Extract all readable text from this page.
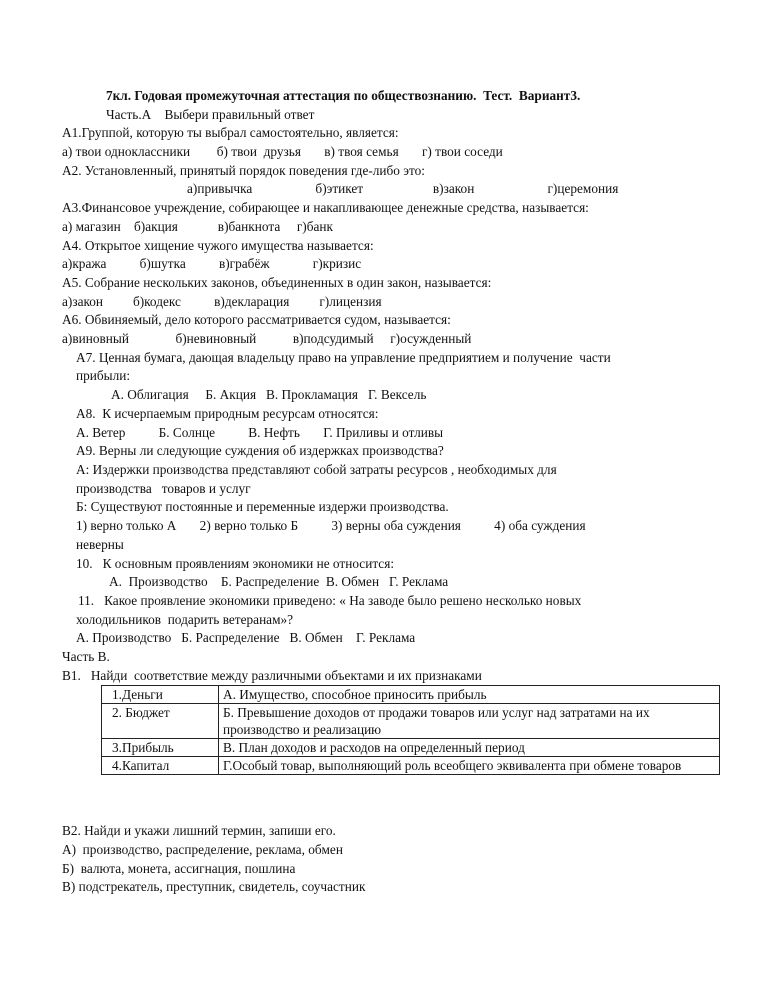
7кл. Годовая промежуточная аттестация по обществознанию.  Тест.  Вариант3.
Часть.А    Выбери правильный ответ
А1.Группой, которую ты выбрал самостоятельно, является:
а) твои одноклассники        б) твои  друзья       в) твоя семья       г) твои соседи
А2. Установленный, принятый порядок поведения где-либо это:
а)привычка                   б)этикет                     в)закон                      г)церемония
А3.Финансовое учреждение, собирающее и накапливающее денежные средства, называется:
а) магазин    б)акция            в)банкнота     г)банк
А4. Открытое хищение чужого имущества называется:
а)кража          б)шутка          в)грабёж             г)кризис
А5. Собрание нескольких законов, объединенных в один закон, называется:
а)закон         б)кодекс          в)декларация         г)лицензия
А6. Обвиняемый, дело которого рассматривается судом, называется:
а)виновный              б)невиновный           в)подсудимый     г)осужденный
А7. Ценная бумага, дающая владельцу право на управление предприятием и получение  части
прибыли:
А. Облигация     Б. Акция   В. Прокламация   Г. Вексель
А8.  К исчерпаемым природным ресурсам относятся:
А. Ветер          Б. Солнце          В. Нефть       Г. Приливы и отливы
А9. Верны ли следующие суждения об издержках производства?
А: Издержки производства представляют собой затраты ресурсов , необходимых для
производства   товаров и услуг
Б: Существуют постоянные и переменные издержи производства.
1) верно только А       2) верно только Б          3) верны оба суждения          4) оба суждения
неверны
10.   К основным проявлениям экономики не относится:
А.  Производство    Б. Распределение  В. Обмен   Г. Реклама
11.   Какое проявление экономики приведено: « На заводе было решено несколько новых
холодильников  подарить ветеранам»?
А. Производство   Б. Распределение   В. Обмен    Г. Реклама
Часть В.
В1.   Найди  соответствие между различными объектами и их признаками
1.Деньги	А. Имущество, способное приносить прибыль
2. Бюджет	Б. Превышение доходов от продажи товаров или услуг над затратами на их производство и реализацию
3.Прибыль	В. План доходов и расходов на определенный период
4.Капитал	Г.Особый товар, выполняющий роль всеобщего эквивалента при обмене товаров
В2. Найди и укажи лишний термин, запиши его.
А)  производство, распределение, реклама, обмен
Б)  валюта, монета, ассигнация, пошлина
В) подстрекатель, преступник, свидетель, соучастник
